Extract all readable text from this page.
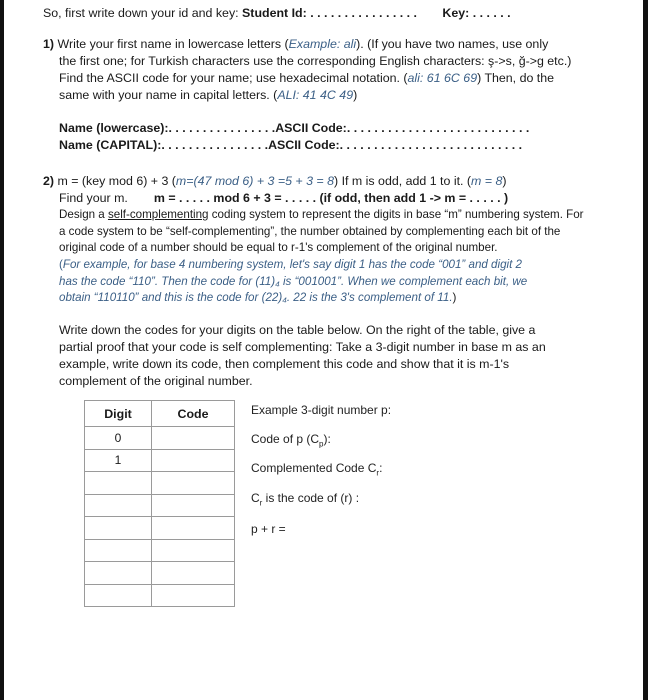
So, first write down your id and key: Student Id: . . . . . . . . . . . . . . . . Key: . . . . . .
1) Write your first name in lowercase letters (Example: ali). (If you have two names, use only
the first one; for Turkish characters use the corresponding English characters: ş->s, ğ->g etc.)
Find the ASCII code for your name; use hexadecimal notation. (ali: 61 6C 69) Then, do the
same with your name in capital letters. (ALI: 41 4C 49)
Name (lowercase):. . . . . . . . . . . . . . . .ASCII Code:. . . . . . . . . . . . . . . . . . . . . . . . . . .
Name (CAPITAL):. . . . . . . . . . . . . . . .ASCII Code:. . . . . . . . . . . . . . . . . . . . . . . . . . .
2) m = (key mod 6) + 3 (m=(47 mod 6) + 3 =5 + 3 = 8) If m is odd, add 1 to it. (m = 8)
Find your m. m = . . . . . mod 6 + 3 = . . . . . (if odd, then add 1 -> m = . . . . . )
Design a self-complementing coding system to represent the digits in base “m” numbering system. For
a code system to be “self-complementing”, the number obtained by complementing each bit of the
original code of a number should be equal to r-1's complement of the original number.
(For example, for base 4 numbering system, let's say digit 1 has the code “001” and digit 2
has the code “110”. Then the code for (11)₄ is “001001”. When we complement each bit, we
obtain “110110” and this is the code for (22)₄. 22 is the 3's complement of 11.)
Write down the codes for your digits on the table below. On the right of the table, give a
partial proof that your code is self complementing: Take a 3-digit number in base m as an
example, write down its code, then complement this code and show that it is m-1's
complement of the original number.
Digit	Code
0	
1	

Example 3-digit number p:
Code of p $(C_p)$:
Complemented Code $C_r$:
$C_r$ is the code of (r) :
p + r =
